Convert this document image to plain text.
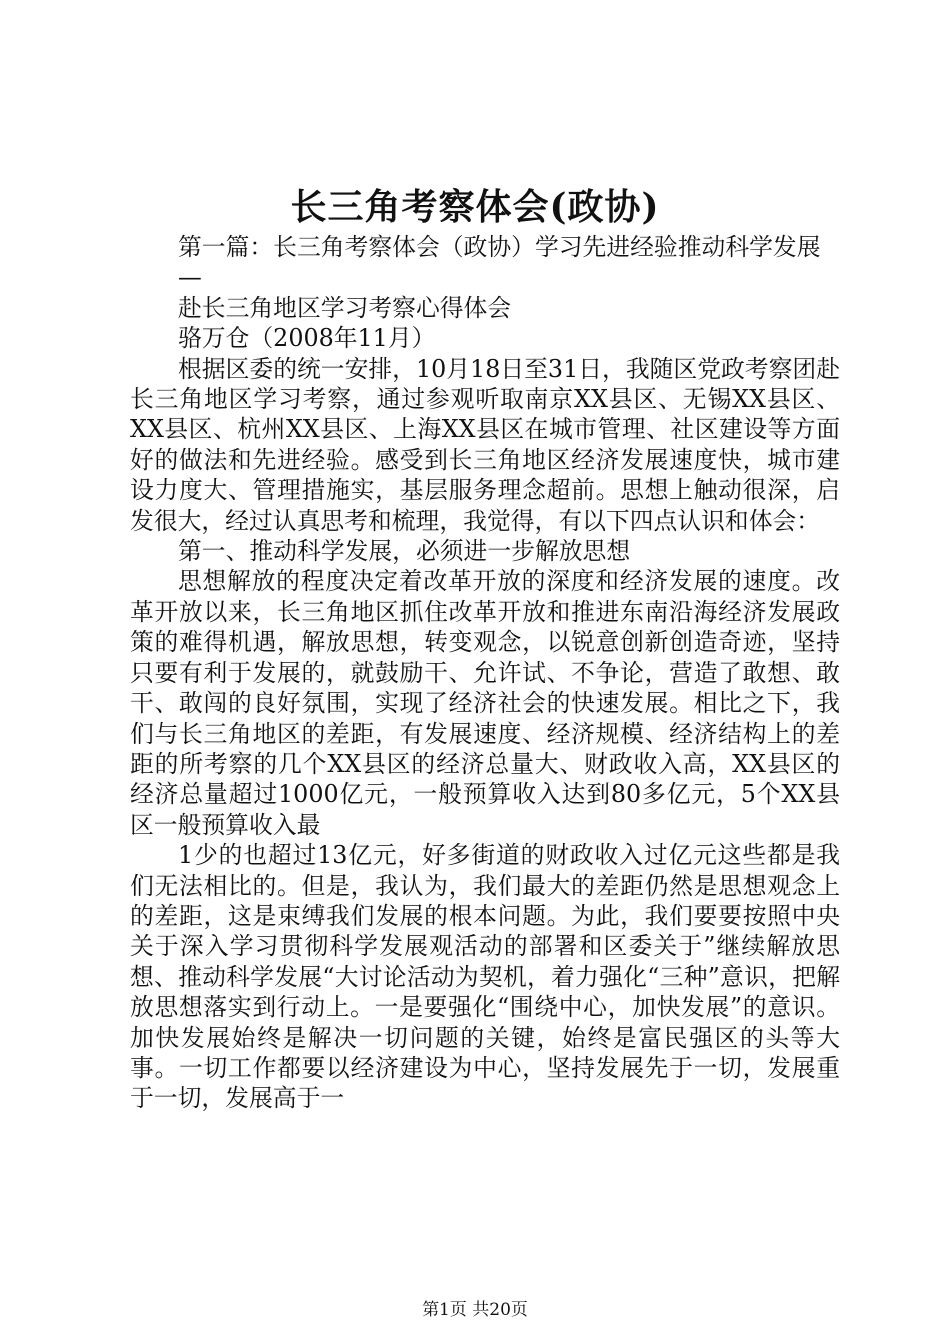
长三角考察体会(政协)

第一篇：长三角考察体会（政协）学习先进经验推动科学发展

—

赴长三角地区学习考察心得体会

骆万仓（2008年11月）

根据区委的统一安排，10月18日至31日，我随区党政考察团赴长三角地区学习考察，通过参观听取南京XX县区、无锡XX县区、XX县区、杭州XX县区、上海XX县区在城市管理、社区建设等方面好的做法和先进经验。感受到长三角地区经济发展速度快，城市建设力度大、管理措施实，基层服务理念超前。思想上触动很深，启发很大，经过认真思考和梳理，我觉得，有以下四点认识和体会：

第一、推动科学发展，必须进一步解放思想

思想解放的程度决定着改革开放的深度和经济发展的速度。改革开放以来，长三角地区抓住改革开放和推进东南沿海经济发展政策的难得机遇，解放思想，转变观念，以锐意创新创造奇迹，坚持只要有利于发展的，就鼓励干、允许试、不争论，营造了敢想、敢干、敢闯的良好氛围，实现了经济社会的快速发展。相比之下，我们与长三角地区的差距，有发展速度、经济规模、经济结构上的差距的所考察的几个XX县区的经济总量大、财政收入高，XX县区的经济总量超过1000亿元，一般预算收入达到80多亿元，5个XX县区一般预算收入最

1少的也超过13亿元，好多街道的财政收入过亿元这些都是我们无法相比的。但是，我认为，我们最大的差距仍然是思想观念上的差距，这是束缚我们发展的根本问题。为此，我们要要按照中央关于深入学习贯彻科学发展观活动的部署和区委关于”继续解放思想、推动科学发展“大讨论活动为契机，着力强化“三种”意识，把解放思想落实到行动上。一是要强化“围绕中心，加快发展”的意识。加快发展始终是解决一切问题的关键，始终是富民强区的头等大事。一切工作都要以经济建设为中心，坚持发展先于一切，发展重于一切，发展高于一

第1页 共20页
